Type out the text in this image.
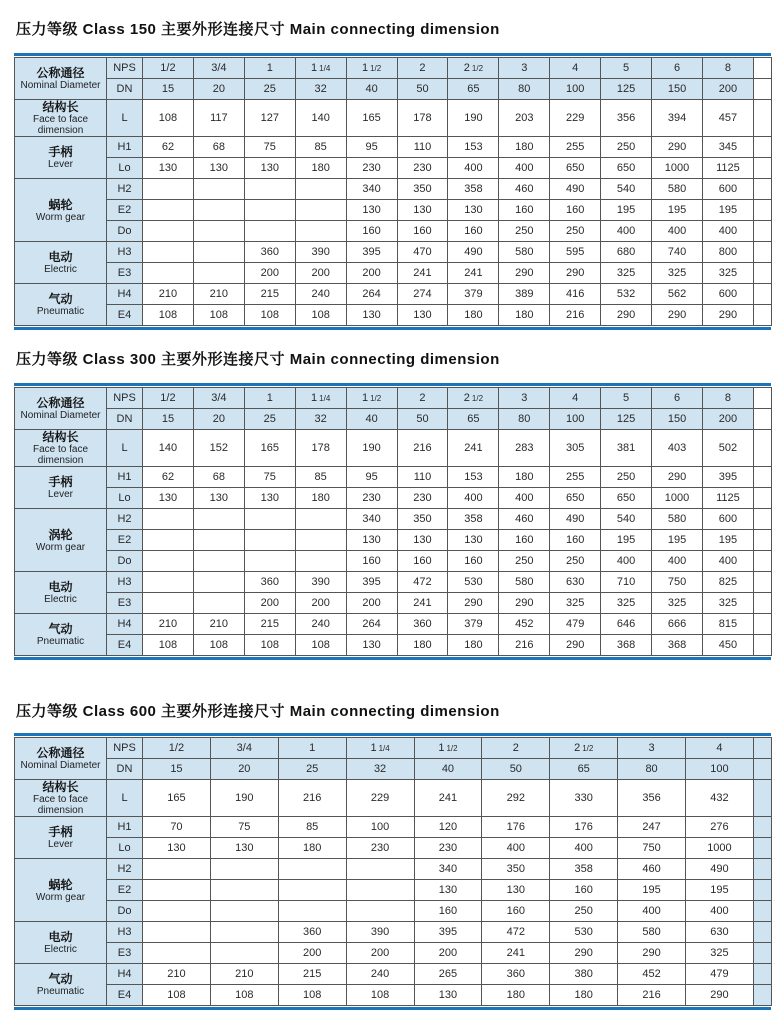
压力等级 Class 150 主要外形连接尺寸 Main connecting dimension
公称通径
Nominal Diameter	NPS	1/2	3/4	1	1 1/4	1 1/2	2	2 1/2	3	4	5	6	8	
	DN	15	20	25	32	40	50	65	80	100	125	150	200	

结构长
Face to face dimension	L	108	117	127	140	165	178	190	203	229	356	394	457	

手柄
Lever	H1	62	68	75	85	95	110	153	180	255	250	290	345	
	Lo	130	130	130	180	230	230	400	400	650	650	1000	1125	

蜗轮
Worm gear	H2					340	350	358	460	490	540	580	600	
	E2					130	130	130	160	160	195	195	195	
	Do					160	160	160	250	250	400	400	400	

电动
Electric	H3			360	390	395	470	490	580	595	680	740	800	
	E3			200	200	200	241	241	290	290	325	325	325	

气动
Pneumatic	H4	210	210	215	240	264	274	379	389	416	532	562	600	
	E4	108	108	108	108	130	130	180	180	216	290	290	290	
压力等级 Class 300 主要外形连接尺寸 Main connecting dimension
公称通径
Nominal Diameter	NPS	1/2	3/4	1	1 1/4	1 1/2	2	2 1/2	3	4	5	6	8	
	DN	15	20	25	32	40	50	65	80	100	125	150	200	

结构长
Face to face dimension	L	140	152	165	178	190	216	241	283	305	381	403	502	

手柄
Lever	H1	62	68	75	85	95	110	153	180	255	250	290	395	
	Lo	130	130	130	180	230	230	400	400	650	650	1000	1125	

涡轮
Worm gear	H2					340	350	358	460	490	540	580	600	
	E2					130	130	130	160	160	195	195	195	
	Do					160	160	160	250	250	400	400	400	

电动
Electric	H3			360	390	395	472	530	580	630	710	750	825	
	E3			200	200	200	241	290	290	325	325	325	325	

气动
Pneumatic	H4	210	210	215	240	264	360	379	452	479	646	666	815	
	E4	108	108	108	108	130	180	180	216	290	368	368	450	
压力等级 Class 600 主要外形连接尺寸 Main connecting dimension
公称通径
Nominal Diameter	NPS	1/2	3/4	1	1 1/4	1 1/2	2	2 1/2	3	4	
	DN	15	20	25	32	40	50	65	80	100	

结构长
Face to face dimension	L	165	190	216	229	241	292	330	356	432	

手柄
Lever	H1	70	75	85	100	120	176	176	247	276	
	Lo	130	130	180	230	230	400	400	750	1000	

蜗轮
Worm gear	H2					340	350	358	460	490	
	E2					130	130	160	195	195	
	Do					160	160	250	400	400	

电动
Electric	H3			360	390	395	472	530	580	630	
	E3			200	200	200	241	290	290	325	

气动
Pneumatic	H4	210	210	215	240	265	360	380	452	479	
	E4	108	108	108	108	130	180	180	216	290	
